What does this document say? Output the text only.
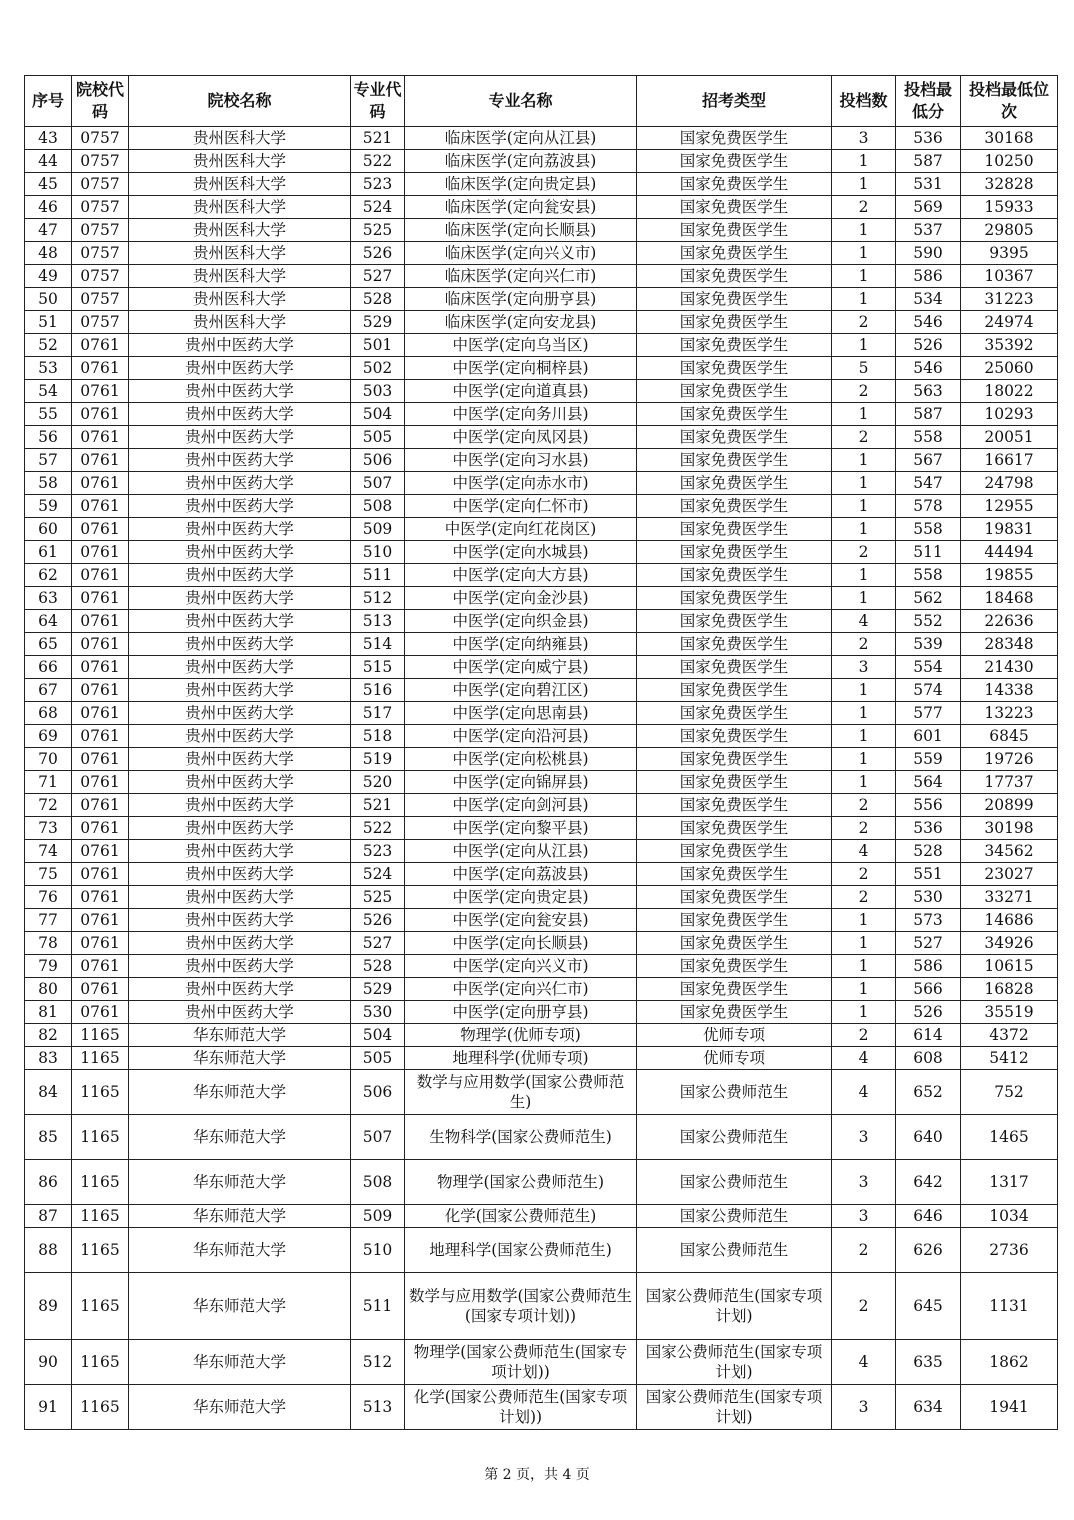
序号	院校代码	院校名称	专业代码	专业名称	招考类型	投档数	投档最低分	投档最低位次
43	0757	贵州医科大学	521	临床医学(定向从江县)	国家免费医学生	3	536	30168
44	0757	贵州医科大学	522	临床医学(定向荔波县)	国家免费医学生	1	587	10250
45	0757	贵州医科大学	523	临床医学(定向贵定县)	国家免费医学生	1	531	32828
46	0757	贵州医科大学	524	临床医学(定向瓮安县)	国家免费医学生	2	569	15933
47	0757	贵州医科大学	525	临床医学(定向长顺县)	国家免费医学生	1	537	29805
48	0757	贵州医科大学	526	临床医学(定向兴义市)	国家免费医学生	1	590	9395
49	0757	贵州医科大学	527	临床医学(定向兴仁市)	国家免费医学生	1	586	10367
50	0757	贵州医科大学	528	临床医学(定向册亨县)	国家免费医学生	1	534	31223
51	0757	贵州医科大学	529	临床医学(定向安龙县)	国家免费医学生	2	546	24974
52	0761	贵州中医药大学	501	中医学(定向乌当区)	国家免费医学生	1	526	35392
53	0761	贵州中医药大学	502	中医学(定向桐梓县)	国家免费医学生	5	546	25060
54	0761	贵州中医药大学	503	中医学(定向道真县)	国家免费医学生	2	563	18022
55	0761	贵州中医药大学	504	中医学(定向务川县)	国家免费医学生	1	587	10293
56	0761	贵州中医药大学	505	中医学(定向凤冈县)	国家免费医学生	2	558	20051
57	0761	贵州中医药大学	506	中医学(定向习水县)	国家免费医学生	1	567	16617
58	0761	贵州中医药大学	507	中医学(定向赤水市)	国家免费医学生	1	547	24798
59	0761	贵州中医药大学	508	中医学(定向仁怀市)	国家免费医学生	1	578	12955
60	0761	贵州中医药大学	509	中医学(定向红花岗区)	国家免费医学生	1	558	19831
61	0761	贵州中医药大学	510	中医学(定向水城县)	国家免费医学生	2	511	44494
62	0761	贵州中医药大学	511	中医学(定向大方县)	国家免费医学生	1	558	19855
63	0761	贵州中医药大学	512	中医学(定向金沙县)	国家免费医学生	1	562	18468
64	0761	贵州中医药大学	513	中医学(定向织金县)	国家免费医学生	4	552	22636
65	0761	贵州中医药大学	514	中医学(定向纳雍县)	国家免费医学生	2	539	28348
66	0761	贵州中医药大学	515	中医学(定向威宁县)	国家免费医学生	3	554	21430
67	0761	贵州中医药大学	516	中医学(定向碧江区)	国家免费医学生	1	574	14338
68	0761	贵州中医药大学	517	中医学(定向思南县)	国家免费医学生	1	577	13223
69	0761	贵州中医药大学	518	中医学(定向沿河县)	国家免费医学生	1	601	6845
70	0761	贵州中医药大学	519	中医学(定向松桃县)	国家免费医学生	1	559	19726
71	0761	贵州中医药大学	520	中医学(定向锦屏县)	国家免费医学生	1	564	17737
72	0761	贵州中医药大学	521	中医学(定向剑河县)	国家免费医学生	2	556	20899
73	0761	贵州中医药大学	522	中医学(定向黎平县)	国家免费医学生	2	536	30198
74	0761	贵州中医药大学	523	中医学(定向从江县)	国家免费医学生	4	528	34562
75	0761	贵州中医药大学	524	中医学(定向荔波县)	国家免费医学生	2	551	23027
76	0761	贵州中医药大学	525	中医学(定向贵定县)	国家免费医学生	2	530	33271
77	0761	贵州中医药大学	526	中医学(定向瓮安县)	国家免费医学生	1	573	14686
78	0761	贵州中医药大学	527	中医学(定向长顺县)	国家免费医学生	1	527	34926
79	0761	贵州中医药大学	528	中医学(定向兴义市)	国家免费医学生	1	586	10615
80	0761	贵州中医药大学	529	中医学(定向兴仁市)	国家免费医学生	1	566	16828
81	0761	贵州中医药大学	530	中医学(定向册亨县)	国家免费医学生	1	526	35519
82	1165	华东师范大学	504	物理学(优师专项)	优师专项	2	614	4372
83	1165	华东师范大学	505	地理科学(优师专项)	优师专项	4	608	5412
84	1165	华东师范大学	506	数学与应用数学(国家公费师范生)	国家公费师范生	4	652	752
85	1165	华东师范大学	507	生物科学(国家公费师范生)	国家公费师范生	3	640	1465
86	1165	华东师范大学	508	物理学(国家公费师范生)	国家公费师范生	3	642	1317
87	1165	华东师范大学	509	化学(国家公费师范生)	国家公费师范生	3	646	1034
88	1165	华东师范大学	510	地理科学(国家公费师范生)	国家公费师范生	2	626	2736
89	1165	华东师范大学	511	数学与应用数学(国家公费师范生(国家专项计划))	国家公费师范生(国家专项计划)	2	645	1131
90	1165	华东师范大学	512	物理学(国家公费师范生(国家专项计划))	国家公费师范生(国家专项计划)	4	635	1862
91	1165	华东师范大学	513	化学(国家公费师范生(国家专项计划))	国家公费师范生(国家专项计划)	3	634	1941
第 2 页，共 4 页
